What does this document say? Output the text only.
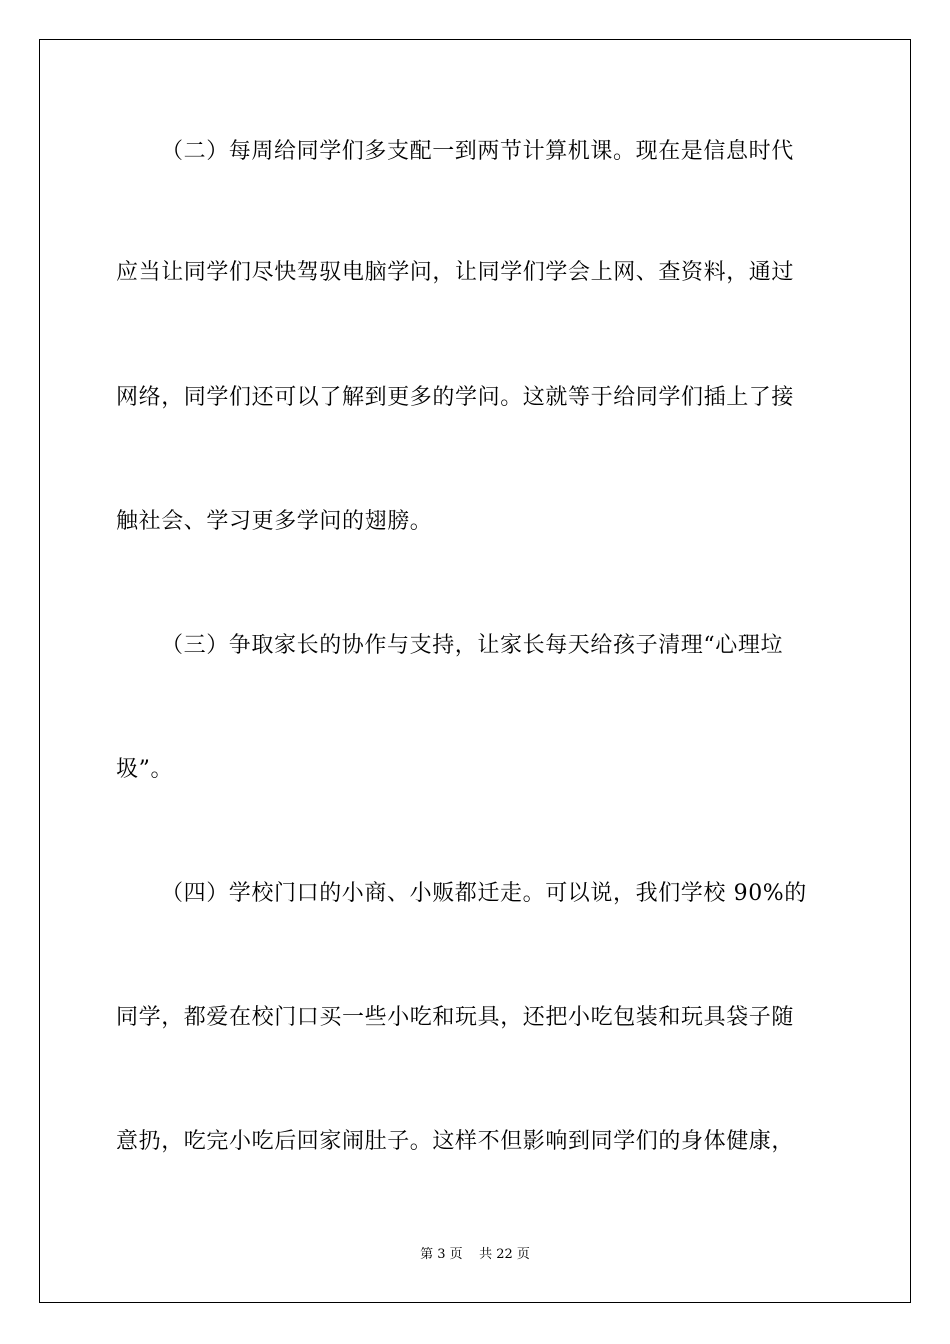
（二）每周给同学们多支配一到两节计算机课。现在是信息时代
应当让同学们尽快驾驭电脑学问，让同学们学会上网、查资料，通过
网络，同学们还可以了解到更多的学问。这就等于给同学们插上了接
触社会、学习更多学问的翅膀。
（三）争取家长的协作与支持，让家长每天给孩子清理“心理垃
圾”。
（四）学校门口的小商、小贩都迁走。可以说，我们学校 90%的
同学，都爱在校门口买一些小吃和玩具，还把小吃包装和玩具袋子随
意扔，吃完小吃后回家闹肚子。这样不但影响到同学们的身体健康，
第 3 页    共 22 页
